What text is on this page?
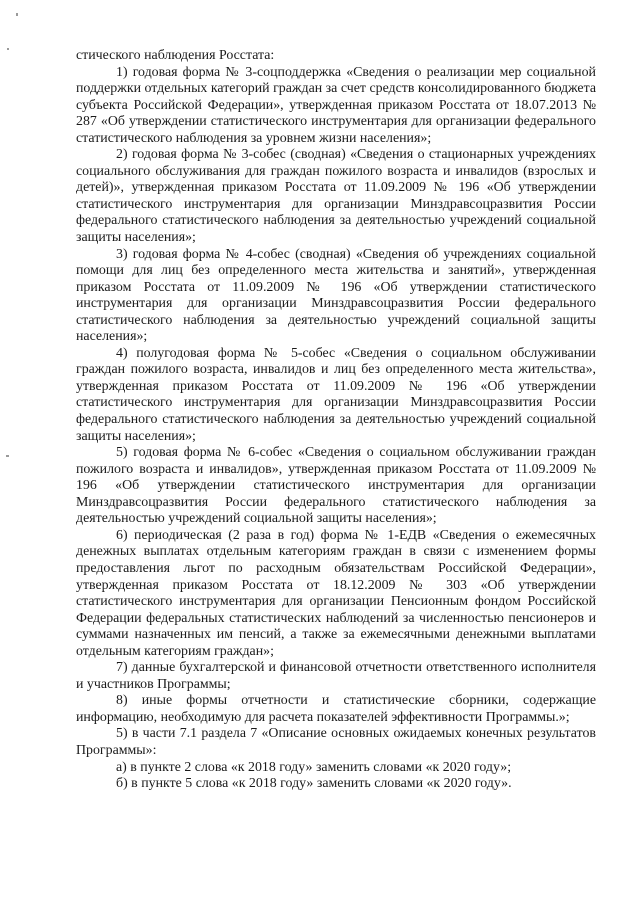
стического наблюдения Росстата:

1) годовая форма № 3-соцподдержка «Сведения о реализации мер социальной поддержки отдельных категорий граждан за счет средств консолидированного бюджета субъекта Российской Федерации», утвержденная приказом Росстата от 18.07.2013 № 287 «Об утверждении статистического инструментария для организации федерального статистического наблюдения за уровнем жизни населения»;

2) годовая форма № 3-собес (сводная) «Сведения о стационарных учреждениях социального обслуживания для граждан пожилого возраста и инвалидов (взрослых и детей)», утвержденная приказом Росстата от 11.09.2009 № 196 «Об утверждении статистического инструментария для организации Минздравсоцразвития России федерального статистического наблюдения за деятельностью учреждений социальной защиты населения»;

3) годовая форма № 4-собес (сводная) «Сведения об учреждениях социальной помощи для лиц без определенного места жительства и занятий», утвержденная приказом Росстата от 11.09.2009 № 196 «Об утверждении статистического инструментария для организации Минздравсоцразвития России федерального статистического наблюдения за деятельностью учреждений социальной защиты населения»;

4) полугодовая форма № 5-собес «Сведения о социальном обслуживании граждан пожилого возраста, инвалидов и лиц без определенного места жительства», утвержденная приказом Росстата от 11.09.2009 № 196 «Об утверждении статистического инструментария для организации Минздравсоцразвития России федерального статистического наблюдения за деятельностью учреждений социальной защиты населения»;

5) годовая форма № 6-собес «Сведения о социальном обслуживании граждан пожилого возраста и инвалидов», утвержденная приказом Росстата от 11.09.2009 № 196 «Об утверждении статистического инструментария для организации Минздравсоцразвития России федерального статистического наблюдения за деятельностью учреждений социальной защиты населения»;

6) периодическая (2 раза в год) форма № 1-ЕДВ «Сведения о ежемесячных денежных выплатах отдельным категориям граждан в связи с изменением формы предоставления льгот по расходным обязательствам Российской Федерации», утвержденная приказом Росстата от 18.12.2009 № 303 «Об утверждении статистического инструментария для организации Пенсионным фондом Российской Федерации федеральных статистических наблюдений за численностью пенсионеров и суммами назначенных им пенсий, а также за ежемесячными денежными выплатами отдельным категориям граждан»;

7) данные бухгалтерской и финансовой отчетности ответственного исполнителя и участников Программы;

8) иные формы отчетности и статистические сборники, содержащие информацию, необходимую для расчета показателей эффективности Программы.»;

5) в части 7.1 раздела 7 «Описание основных ожидаемых конечных результатов Программы»:

а) в пункте 2 слова «к 2018 году» заменить словами «к 2020 году»;

б) в пункте 5 слова «к 2018 году» заменить словами «к 2020 году».
